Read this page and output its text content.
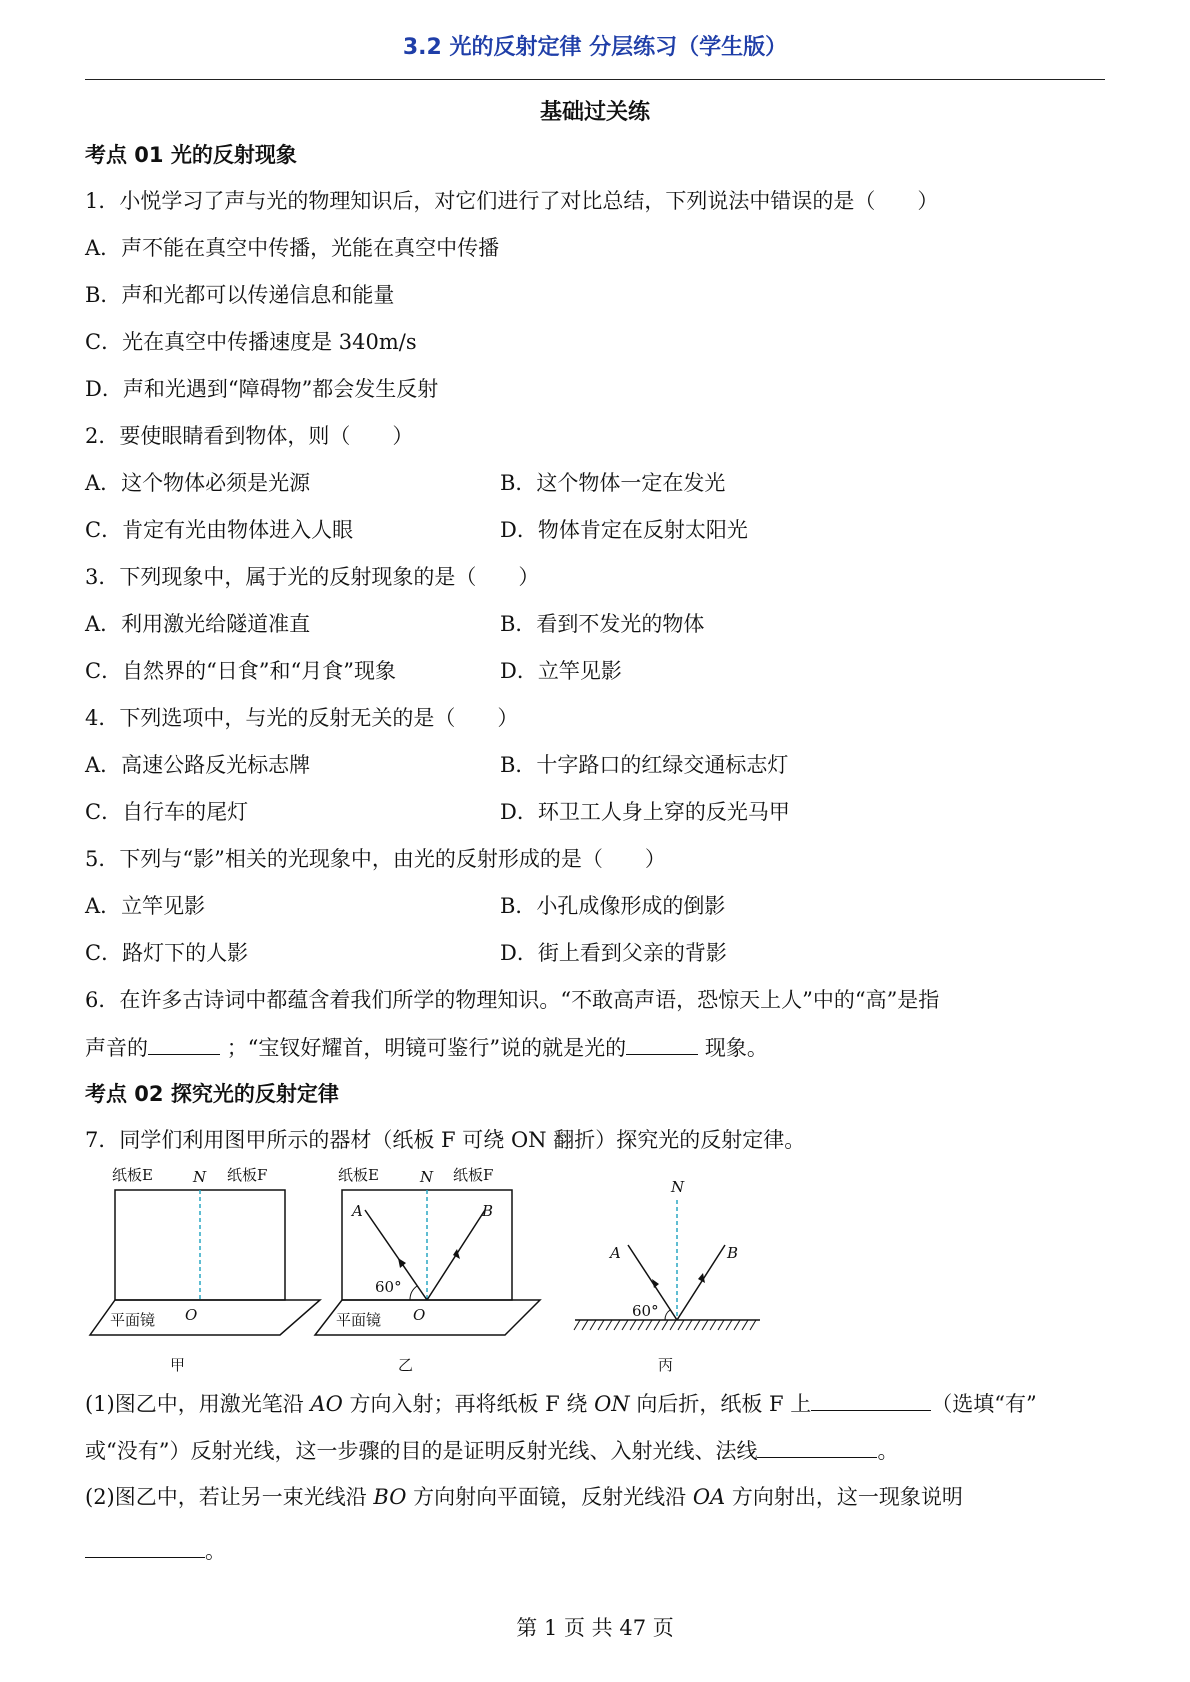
3.2 光的反射定律 分层练习（学生版）
基础过关练
考点 01 光的反射现象
1．小悦学习了声与光的物理知识后，对它们进行了对比总结，下列说法中错误的是（　　）
A．声不能在真空中传播，光能在真空中传播
B．声和光都可以传递信息和能量
C．光在真空中传播速度是 340m/s
D．声和光遇到“障碍物”都会发生反射
2．要使眼睛看到物体，则（　　）
A．这个物体必须是光源	B．这个物体一定在发光
C．肯定有光由物体进入人眼	D．物体肯定在反射太阳光
3．下列现象中，属于光的反射现象的是（　　）
A．利用激光给隧道准直	B．看到不发光的物体
C．自然界的“日食”和“月食”现象	D．立竿见影
4．下列选项中，与光的反射无关的是（　　）
A．高速公路反光标志牌	B．十字路口的红绿交通标志灯
C．自行车的尾灯	D．环卫工人身上穿的反光马甲
5．下列与“影”相关的光现象中，由光的反射形成的是（　　）
A．立竿见影	B．小孔成像形成的倒影
C．路灯下的人影	D．街上看到父亲的背影
6．在许多古诗词中都蕴含着我们所学的物理知识。“不敢高声语，恐惊天上人”中的“高”是指
声音的	；“宝钗好耀首，明镜可鉴行”说的就是光的	现象。
考点 02 探究光的反射定律
7．同学们利用图甲所示的器材（纸板 F 可绕 ON 翻折）探究光的反射定律。
纸板E	N 纸板F
O
平面镜
甲
纸板E	N 纸板F
A	B
60°
O
平面镜
乙
N
A	B
60°
丙
(1)图乙中，用激光笔沿 AO 方向入射；再将纸板 F 绕 ON 向后折，纸板 F 上	（选填“有”
或“没有”）反射光线，这一步骤的目的是证明反射光线、入射光线、法线	。
(2)图乙中，若让另一束光线沿 BO 方向射向平面镜，反射光线沿 OA 方向射出，这一现象说明
。
第 1 页 共 47 页
